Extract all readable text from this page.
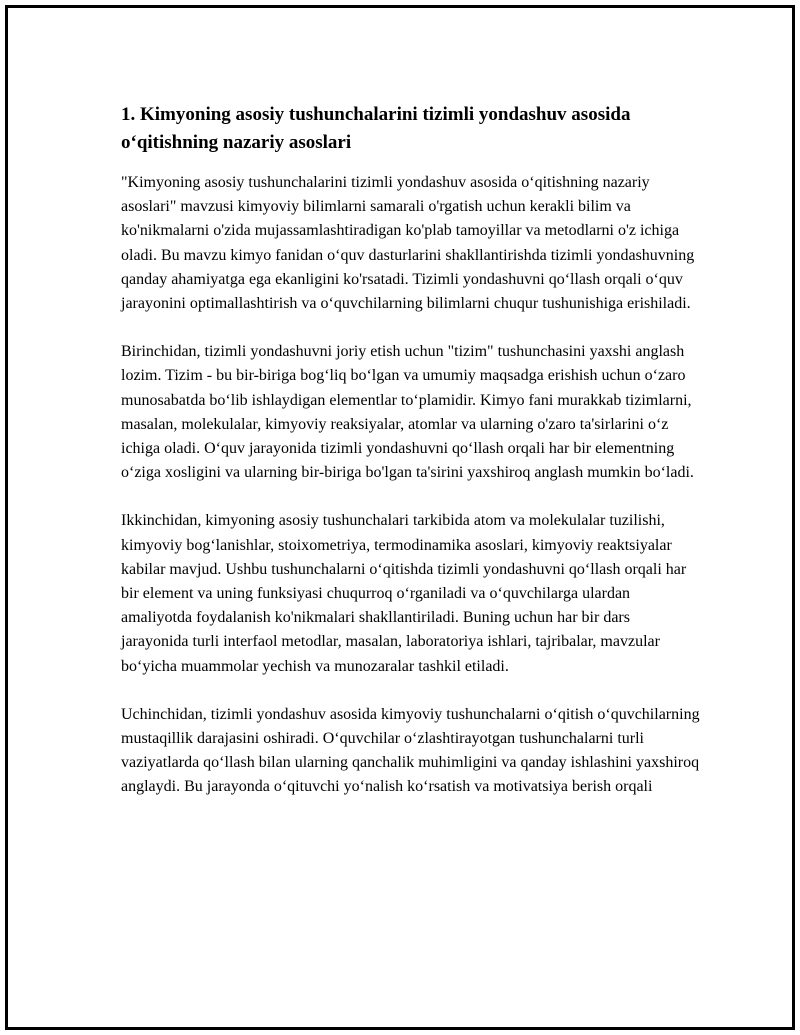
1. Kimyoning asosiy tushunchalarini tizimli yondashuv asosida o‘qitishning nazariy asoslari

"Kimyoning asosiy tushunchalarini tizimli yondashuv asosida o‘qitishning nazariy asoslari" mavzusi kimyoviy bilimlarni samarali o'rgatish uchun kerakli bilim va ko'nikmalarni o'zida mujassamlashtiradigan ko'plab tamoyillar va metodlarni o'z ichiga oladi. Bu mavzu kimyo fanidan o‘quv dasturlarini shakllantirishda tizimli yondashuvning qanday ahamiyatga ega ekanligini ko'rsatadi. Tizimli yondashuvni qo‘llash orqali o‘quv jarayonini optimallashtirish va o‘quvchilarning bilimlarni chuqur tushunishiga erishiladi.

Birinchidan, tizimli yondashuvni joriy etish uchun "tizim" tushunchasini yaxshi anglash lozim. Tizim - bu bir-biriga bog‘liq bo‘lgan va umumiy maqsadga erishish uchun o‘zaro munosabatda bo‘lib ishlaydigan elementlar to‘plamidir. Kimyo fani murakkab tizimlarni, masalan, molekulalar, kimyoviy reaksiyalar, atomlar va ularning o'zaro ta'sirlarini o‘z ichiga oladi. O‘quv jarayonida tizimli yondashuvni qo‘llash orqali har bir elementning o‘ziga xosligini va ularning bir-biriga bo'lgan ta'sirini yaxshiroq anglash mumkin bo‘ladi.

Ikkinchidan, kimyoning asosiy tushunchalari tarkibida atom va molekulalar tuzilishi, kimyoviy bog‘lanishlar, stoixometriya, termodinamika asoslari, kimyoviy reaktsiyalar kabilar mavjud. Ushbu tushunchalarni o‘qitishda tizimli yondashuvni qo‘llash orqali har bir element va uning funksiyasi chuqurroq o‘rganiladi va o‘quvchilarga ulardan amaliyotda foydalanish ko'nikmalari shakllantiriladi. Buning uchun har bir dars jarayonida turli interfaol metodlar, masalan, laboratoriya ishlari, tajribalar, mavzular bo‘yicha muammolar yechish va munozaralar tashkil etiladi.

Uchinchidan, tizimli yondashuv asosida kimyoviy tushunchalarni o‘qitish o‘quvchilarning mustaqillik darajasini oshiradi. O‘quvchilar o‘zlashtirayotgan tushunchalarni turli vaziyatlarda qo‘llash bilan ularning qanchalik muhimligini va qanday ishlashini yaxshiroq anglaydi. Bu jarayonda o‘qituvchi yo‘nalish ko‘rsatish va motivatsiya berish orqali
